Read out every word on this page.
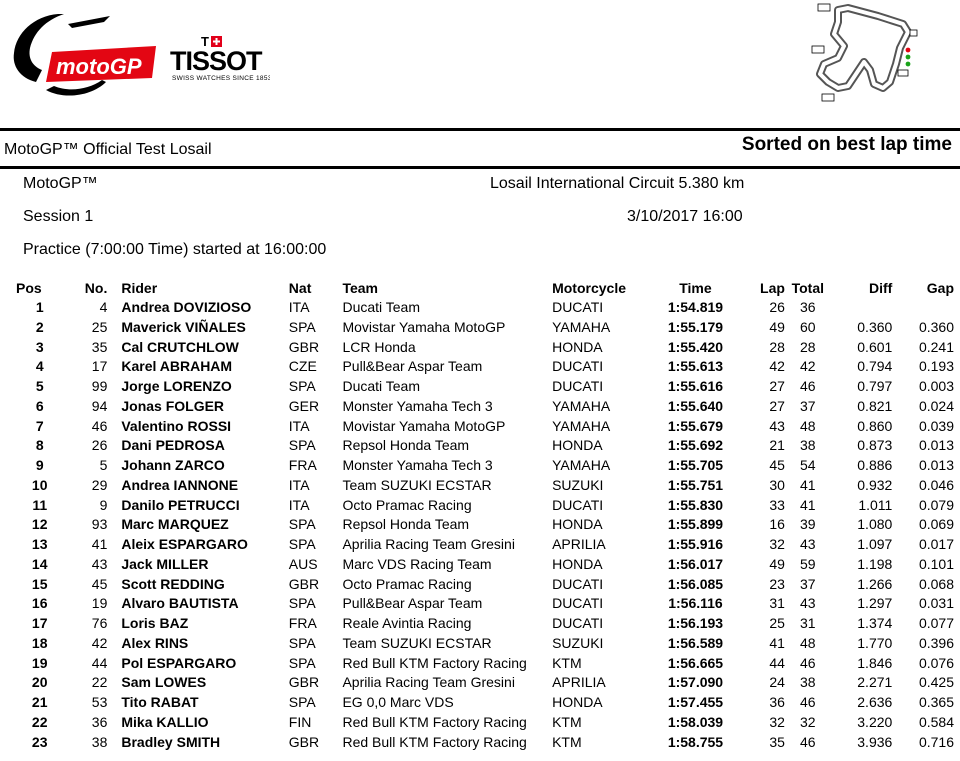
motoGP
T
TISSOT
SWISS WATCHES SINCE 1853
MotoGP™ Official Test Losail	Sorted on best lap time
MotoGP™	Losail International Circuit 5.380 km
Session 1	3/10/2017 16:00
Practice (7:00:00 Time) started at 16:00:00
Pos	No.	Rider	Nat	Team	Motorcycle	Time	Lap	Total	Diff	Gap
1	4	Andrea DOVIZIOSO	ITA	Ducati Team	DUCATI	1:54.819	26	36		
2	25	Maverick VIÑALES	SPA	Movistar Yamaha MotoGP	YAMAHA	1:55.179	49	60	0.360	0.360
3	35	Cal CRUTCHLOW	GBR	LCR Honda	HONDA	1:55.420	28	28	0.601	0.241
4	17	Karel ABRAHAM	CZE	Pull&Bear Aspar Team	DUCATI	1:55.613	42	42	0.794	0.193
5	99	Jorge LORENZO	SPA	Ducati Team	DUCATI	1:55.616	27	46	0.797	0.003
6	94	Jonas FOLGER	GER	Monster Yamaha Tech 3	YAMAHA	1:55.640	27	37	0.821	0.024
7	46	Valentino ROSSI	ITA	Movistar Yamaha MotoGP	YAMAHA	1:55.679	43	48	0.860	0.039
8	26	Dani PEDROSA	SPA	Repsol Honda Team	HONDA	1:55.692	21	38	0.873	0.013
9	5	Johann ZARCO	FRA	Monster Yamaha Tech 3	YAMAHA	1:55.705	45	54	0.886	0.013
10	29	Andrea IANNONE	ITA	Team SUZUKI ECSTAR	SUZUKI	1:55.751	30	41	0.932	0.046
11	9	Danilo PETRUCCI	ITA	Octo Pramac Racing	DUCATI	1:55.830	33	41	1.011	0.079
12	93	Marc MARQUEZ	SPA	Repsol Honda Team	HONDA	1:55.899	16	39	1.080	0.069
13	41	Aleix ESPARGARO	SPA	Aprilia Racing Team Gresini	APRILIA	1:55.916	32	43	1.097	0.017
14	43	Jack MILLER	AUS	Marc VDS Racing Team	HONDA	1:56.017	49	59	1.198	0.101
15	45	Scott REDDING	GBR	Octo Pramac Racing	DUCATI	1:56.085	23	37	1.266	0.068
16	19	Alvaro BAUTISTA	SPA	Pull&Bear Aspar Team	DUCATI	1:56.116	31	43	1.297	0.031
17	76	Loris BAZ	FRA	Reale Avintia Racing	DUCATI	1:56.193	25	31	1.374	0.077
18	42	Alex RINS	SPA	Team SUZUKI ECSTAR	SUZUKI	1:56.589	41	48	1.770	0.396
19	44	Pol ESPARGARO	SPA	Red Bull KTM Factory Racing	KTM	1:56.665	44	46	1.846	0.076
20	22	Sam LOWES	GBR	Aprilia Racing Team Gresini	APRILIA	1:57.090	24	38	2.271	0.425
21	53	Tito RABAT	SPA	EG 0,0 Marc VDS	HONDA	1:57.455	36	46	2.636	0.365
22	36	Mika KALLIO	FIN	Red Bull KTM Factory Racing	KTM	1:58.039	32	32	3.220	0.584
23	38	Bradley SMITH	GBR	Red Bull KTM Factory Racing	KTM	1:58.755	35	46	3.936	0.716
